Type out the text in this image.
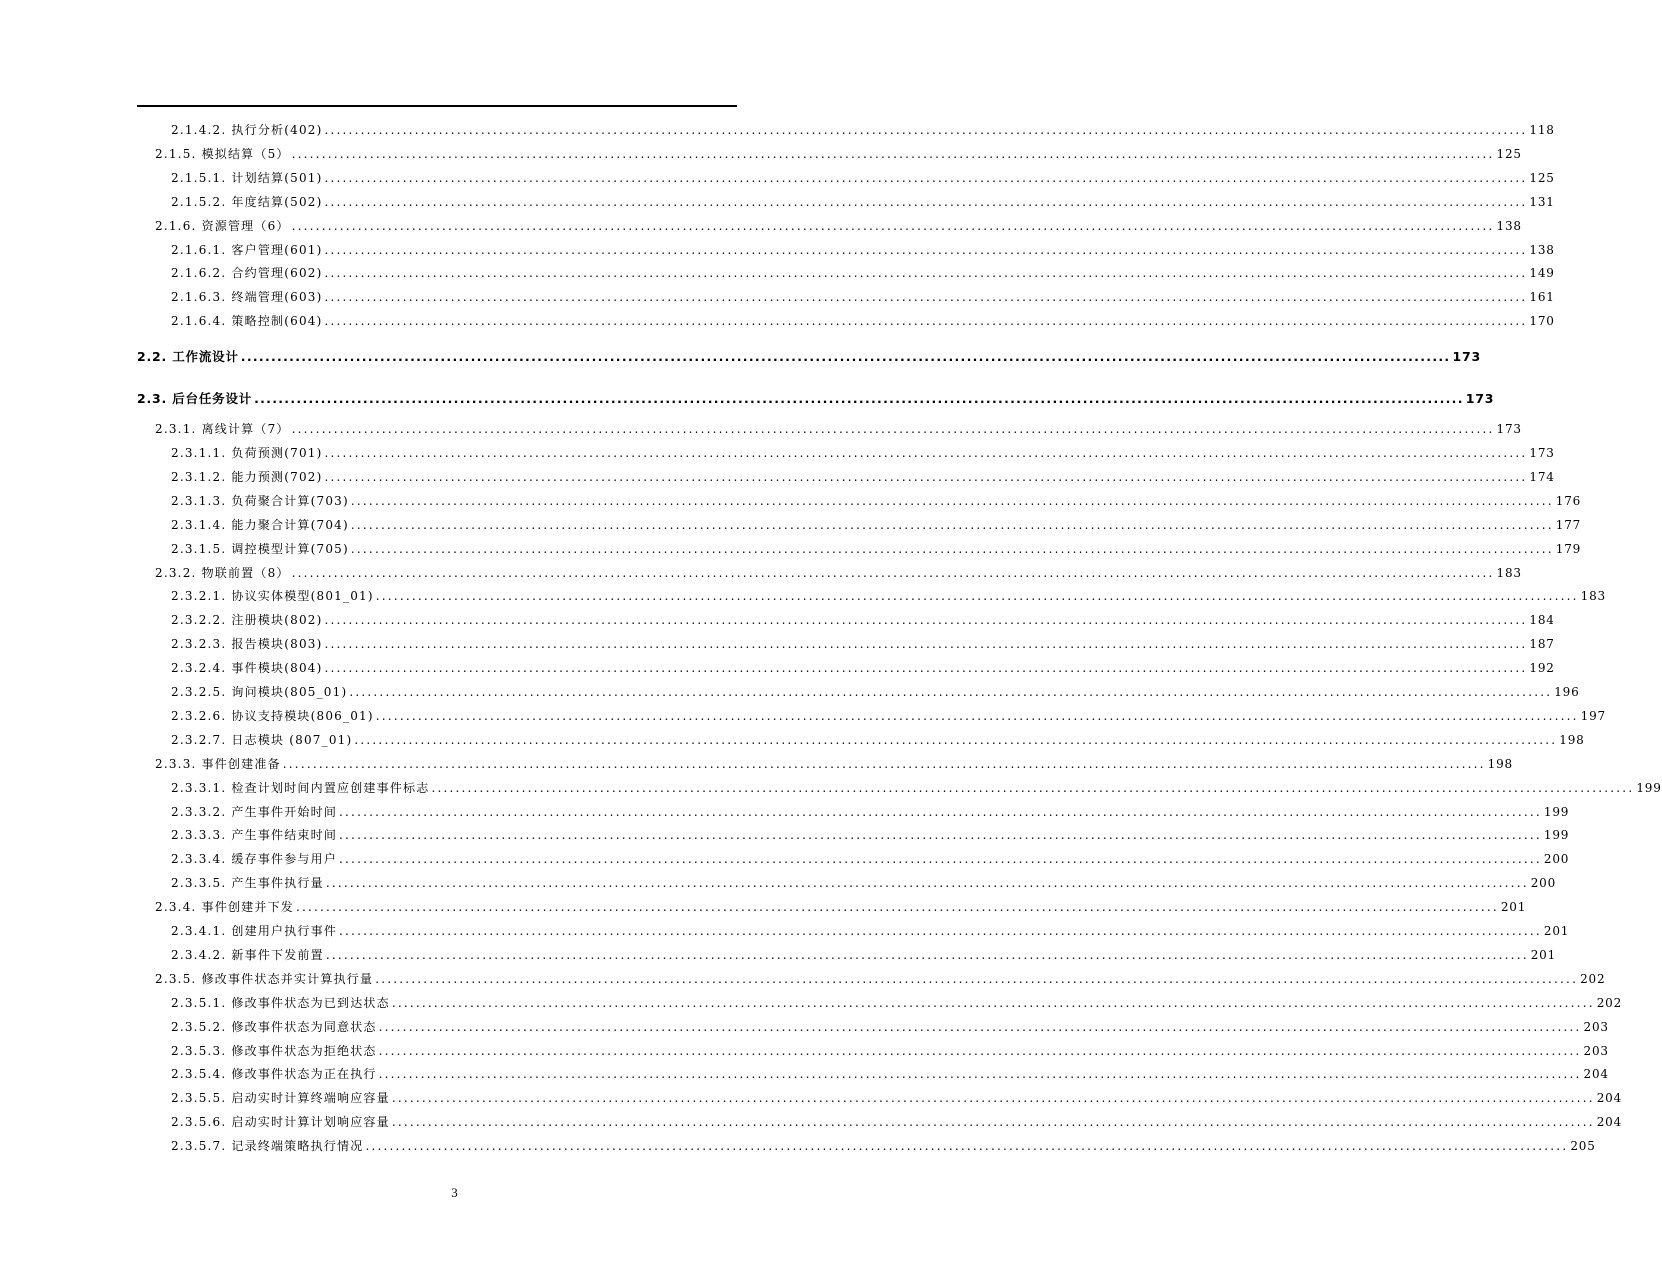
2.1.4.2. 执行分析(402) ........................................................................................................................................................................................................ 118
2.1.5. 模拟结算（5） ........................................................................................................................................................................................................ 125
2.1.5.1. 计划结算(501) ........................................................................................................................................................................................................ 125
2.1.5.2. 年度结算(502) ........................................................................................................................................................................................................ 131
2.1.6. 资源管理（6） ........................................................................................................................................................................................................ 138
2.1.6.1. 客户管理(601) ........................................................................................................................................................................................................ 138
2.1.6.2. 合约管理(602) ........................................................................................................................................................................................................ 149
2.1.6.3. 终端管理(603) ........................................................................................................................................................................................................ 161
2.1.6.4. 策略控制(604) ........................................................................................................................................................................................................ 170
2.2. 工作流设计 ........................................................................................................................................................................................................ 173
2.3. 后台任务设计 ........................................................................................................................................................................................................ 173
2.3.1. 离线计算（7） ........................................................................................................................................................................................................ 173
2.3.1.1. 负荷预测(701) ........................................................................................................................................................................................................ 173
2.3.1.2. 能力预测(702) ........................................................................................................................................................................................................ 174
2.3.1.3. 负荷聚合计算(703) ........................................................................................................................................................................................................ 176
2.3.1.4. 能力聚合计算(704) ........................................................................................................................................................................................................ 177
2.3.1.5. 调控模型计算(705) ........................................................................................................................................................................................................ 179
2.3.2. 物联前置（8） ........................................................................................................................................................................................................ 183
2.3.2.1. 协议实体模型(801_01) ........................................................................................................................................................................................................ 183
2.3.2.2. 注册模块(802) ........................................................................................................................................................................................................ 184
2.3.2.3. 报告模块(803) ........................................................................................................................................................................................................ 187
2.3.2.4. 事件模块(804) ........................................................................................................................................................................................................ 192
2.3.2.5. 询问模块(805_01) ........................................................................................................................................................................................................ 196
2.3.2.6. 协议支持模块(806_01) ........................................................................................................................................................................................................ 197
2.3.2.7. 日志模块 (807_01) ........................................................................................................................................................................................................ 198
2.3.3. 事件创建准备 ........................................................................................................................................................................................................ 198
2.3.3.1. 检查计划时间内置应创建事件标志 ........................................................................................................................................................................................................ 199
2.3.3.2. 产生事件开始时间 ........................................................................................................................................................................................................ 199
2.3.3.3. 产生事件结束时间 ........................................................................................................................................................................................................ 199
2.3.3.4. 缓存事件参与用户 ........................................................................................................................................................................................................ 200
2.3.3.5. 产生事件执行量 ........................................................................................................................................................................................................ 200
2.3.4. 事件创建并下发 ........................................................................................................................................................................................................ 201
2.3.4.1. 创建用户执行事件 ........................................................................................................................................................................................................ 201
2.3.4.2. 新事件下发前置 ........................................................................................................................................................................................................ 201
2.3.5. 修改事件状态并实计算执行量 ........................................................................................................................................................................................................ 202
2.3.5.1. 修改事件状态为已到达状态 ........................................................................................................................................................................................................ 202
2.3.5.2. 修改事件状态为同意状态 ........................................................................................................................................................................................................ 203
2.3.5.3. 修改事件状态为拒绝状态 ........................................................................................................................................................................................................ 203
2.3.5.4. 修改事件状态为正在执行 ........................................................................................................................................................................................................ 204
2.3.5.5. 启动实时计算终端响应容量 ........................................................................................................................................................................................................ 204
2.3.5.6. 启动实时计算计划响应容量 ........................................................................................................................................................................................................ 204
2.3.5.7. 记录终端策略执行情况 ........................................................................................................................................................................................................ 205
3
